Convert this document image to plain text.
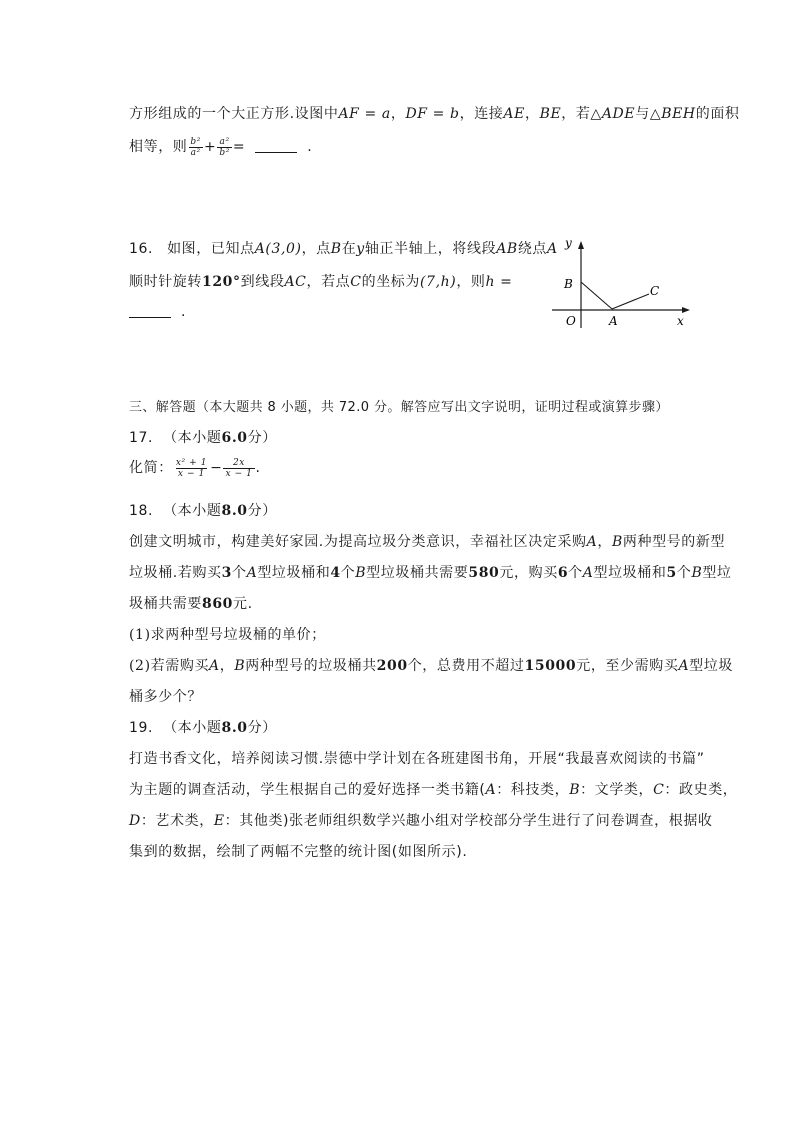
方形组成的一个大正方形.设图中AF = a，DF = b，连接AE，BE，若△ADE与△BEH的面积
相等，则 $\frac{\text{b²}}{\text{a²}} + \frac{\text{a²}}{\text{b²}}$ =	.
16. 如图，已知点A(3,0)，点B在y轴正半轴上，将线段AB绕点A
顺时针旋转120°到线段AC，若点C的坐标为(7,h)，则h =
.
y
x
O	A
B	C
三、解答题（本大题共 8 小题，共 72.0 分。解答应写出文字说明，证明过程或演算步骤）
17. （本小题6.0分）
化简： $\frac{\text{x² + 1}}{x - 1} - \frac{2x}{x - 1}$ .
18. （本小题8.0分）
创建文明城市，构建美好家园.为提高垃圾分类意识，幸福社区决定采购A，B两种型号的新型
垃圾桶.若购买3个A型垃圾桶和4个B型垃圾桶共需要580元，购买6个A型垃圾桶和5个B型垃
圾桶共需要860元.
(1)求两种型号垃圾桶的单价；
(2)若需购买A，B两种型号的垃圾桶共200个，总费用不超过15000元，至少需购买A型垃圾
桶多少个？
19. （本小题8.0分）
打造书香文化，培养阅读习惯.崇德中学计划在各班建图书角，开展“我最喜欢阅读的书篇”
为主题的调查活动，学生根据自己的爱好选择一类书籍(A：科技类，B：文学类，C：政史类，
D：艺术类，E：其他类)张老师组织数学兴趣小组对学校部分学生进行了问卷调查，根据收
集到的数据，绘制了两幅不完整的统计图(如图所示).
